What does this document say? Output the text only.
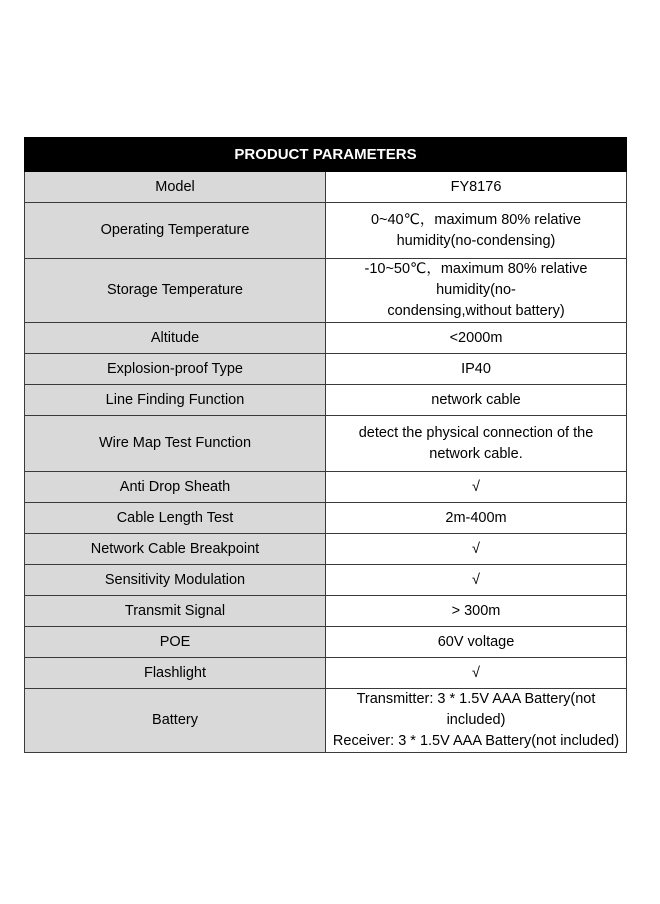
PRODUCT PARAMETERS	
Model	FY8176
Operating Temperature	0~40℃，maximum 80% relative humidity(no-condensing)
Storage Temperature	-10~50℃，maximum 80% relative humidity(no-
condensing,without battery)

Altitude	<2000m
Explosion-proof Type	IP40
Line Finding Function	network cable
Wire Map Test Function	detect the physical connection of the network cable.
Anti Drop Sheath	√
Cable Length Test	2m-400m
Network Cable Breakpoint	√
Sensitivity Modulation	√
Transmit Signal	> 300m
POE	60V voltage
Flashlight	√
Battery	Transmitter: 3 * 1.5V AAA Battery(not included)
Receiver: 3 * 1.5V AAA Battery(not included)
